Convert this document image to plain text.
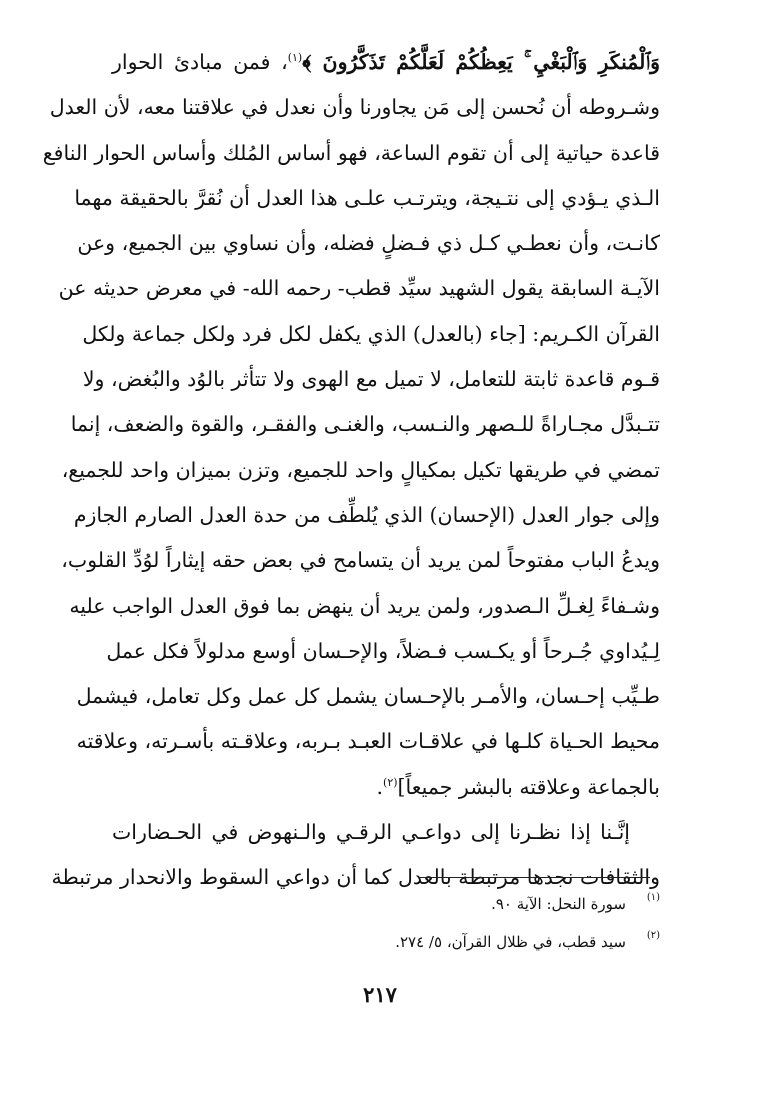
وَٱلْمُنكَرِ وَٱلْبَغْيِ ۚ يَعِظُكُمْ لَعَلَّكُمْ تَذَكَّرُونَ ﴾$^{(١)}$، فمن مبادئ الحوار
وشـروطه أن نُحسن إلى مَن يجاورنا وأن نعدل في علاقتنا معه، لأن العدل
قاعدة حياتية إلى أن تقوم الساعة، فهو أساس المُلك وأساس الحوار النافع
الـذي يـؤدي إلى نتـيجة، ويترتـب علـى هذا العدل أن نُقرَّ بالحقيقة مهما
كانـت، وأن نعطـي كـل ذي فـضلٍ فضله، وأن نساوي بين الجميع، وعن
الآيـة السابقة يقول الشهيد سيِّد قطب- رحمه الله- في معرض حديثه عن
القرآن الكـريم: [جاء (بالعدل) الذي يكفل لكل فرد ولكل جماعة ولكل
قـوم قاعدة ثابتة للتعامل، لا تميل مع الهوى ولا تتأثر بالوُد والبُغض، ولا
تتـبدَّل مجـاراةً للـصهر والنـسب، والغنـى والفقـر، والقوة والضعف، إنما
تمضي في طريقها تكيل بمكيالٍ واحد للجميع، وتزن بميزان واحد للجميع،
وإلى جوار العدل (الإحسان) الذي يُلطِّف من حدة العدل الصارم الجازم
ويدعُ الباب مفتوحاً لمن يريد أن يتسامح في بعض حقه إيثاراً لوُدِّ القلوب،
وشـفاءً لِغـلِّ الـصدور، ولمن يريد أن ينهض بما فوق العدل الواجب عليه
لِـيُداوي جُـرحاً أو يكـسب فـضلاً، والإحـسان أوسع مدلولاً فكل عمل
طـيِّب إحـسان، والأمـر بالإحـسان يشمل كل عمل وكل تعامل، فيشمل
محيط الحـياة كلـها في علاقـات العبـد بـربه، وعلاقـته بأسـرته، وعلاقته
بالجماعة وعلاقته بالبشر جميعاً]$^{(٢)}$.
إنَّـنا إذا نظـرنا إلى دواعـي الرقـي والـنهوض في الحـضارات
والثقافات نجدها مرتبطة بالعدل كما أن دواعي السقوط والانحدار مرتبطة
(١)سورة النحل: الآية ٩٠.
(٢)سيد قطب، في ظلال القرآن، ٥/ ٢٧٤.
٢١٧
